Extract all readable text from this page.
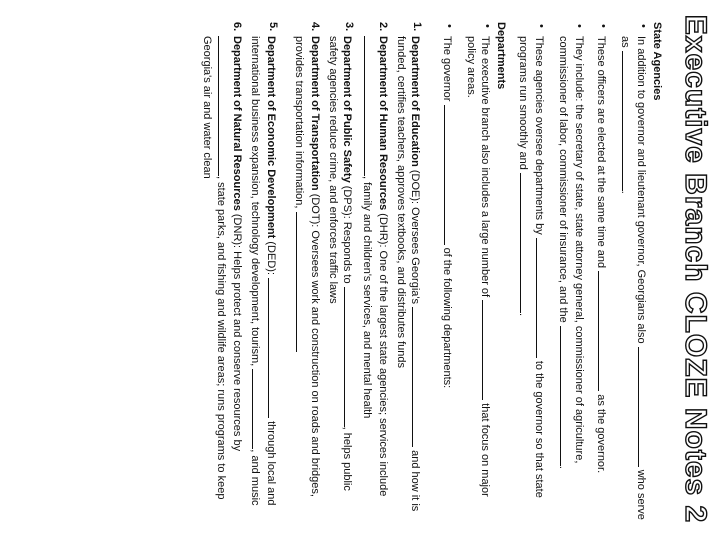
Executive Branch CLOZE Notes 2
State Agencies
• In addition to governor and lieutenant governor, Georgians also  who serve as .
• These officers are elected at the same time and  as the governor.
• They include: the secretary of state, state attorney general, commissioner of agriculture, commissioner of labor, commissioner of insurance, and the .
• These agencies oversee departments by  to the governor so that state programs run smoothly and .
Departments
• The executive branch also includes a large number of  that focus on major policy areas.
• The governor  of the following departments:
1.
Department of Education (DOE): Oversees Georgia's  and how it is funded, certifies teachers, approves textbooks, and distributes funds
2.
Department of Human Resources (DHR): One of the largest state agencies; services include , family and children's services, and mental health
3.
Department of Public Safety (DPS): Responds to , helps public safety agencies reduce crime, and enforces traffic laws
4.
Department of Transportation (DOT): Oversees work and construction on roads and bridges, provides transportation information,
5.
Department of Economic Development (DED):  through local and international business expansion, technology development, tourism, , and music
6.
Department of Natural Resources (DNR): Helps protect and conserve resources by , state parks, and fishing and wildlife areas; runs programs to keep Georgia's air and water clean
